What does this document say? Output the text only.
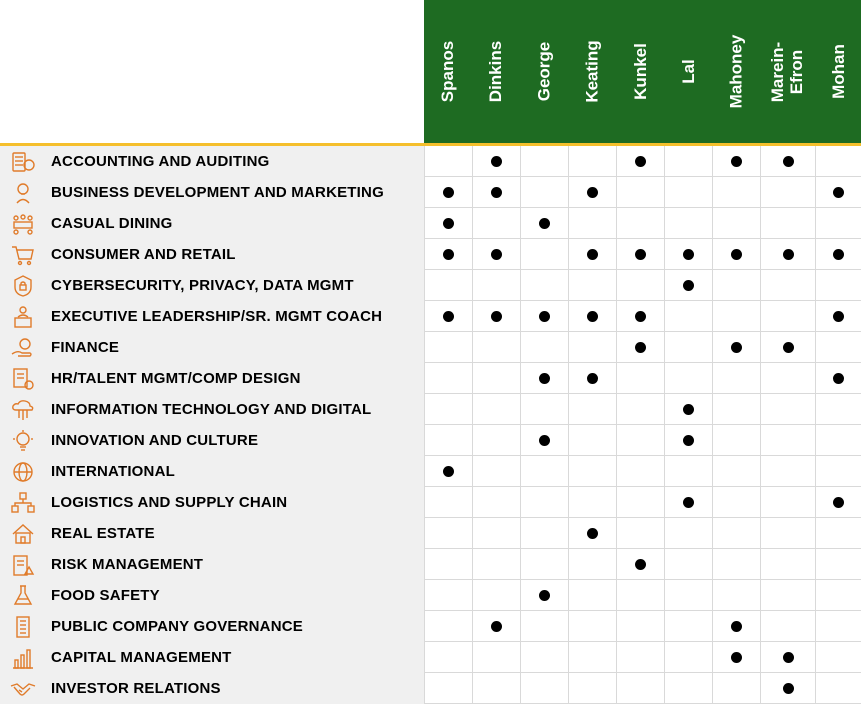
Spanos Dinkins George Keating Kunkel Lal Mahoney Marein-
Efron Mohan
ACCOUNTING AND AUDITING
BUSINESS DEVELOPMENT AND MARKETING
CASUAL DINING
CONSUMER AND RETAIL
CYBERSECURITY, PRIVACY, DATA MGMT
EXECUTIVE LEADERSHIP/SR. MGMT COACH
FINANCE
HR/TALENT MGMT/COMP DESIGN
INFORMATION TECHNOLOGY AND DIGITAL
INNOVATION AND CULTURE
INTERNATIONAL
LOGISTICS AND SUPPLY CHAIN
REAL ESTATE
RISK MANAGEMENT
FOOD SAFETY
PUBLIC COMPANY GOVERNANCE
CAPITAL MANAGEMENT
INVESTOR RELATIONS
